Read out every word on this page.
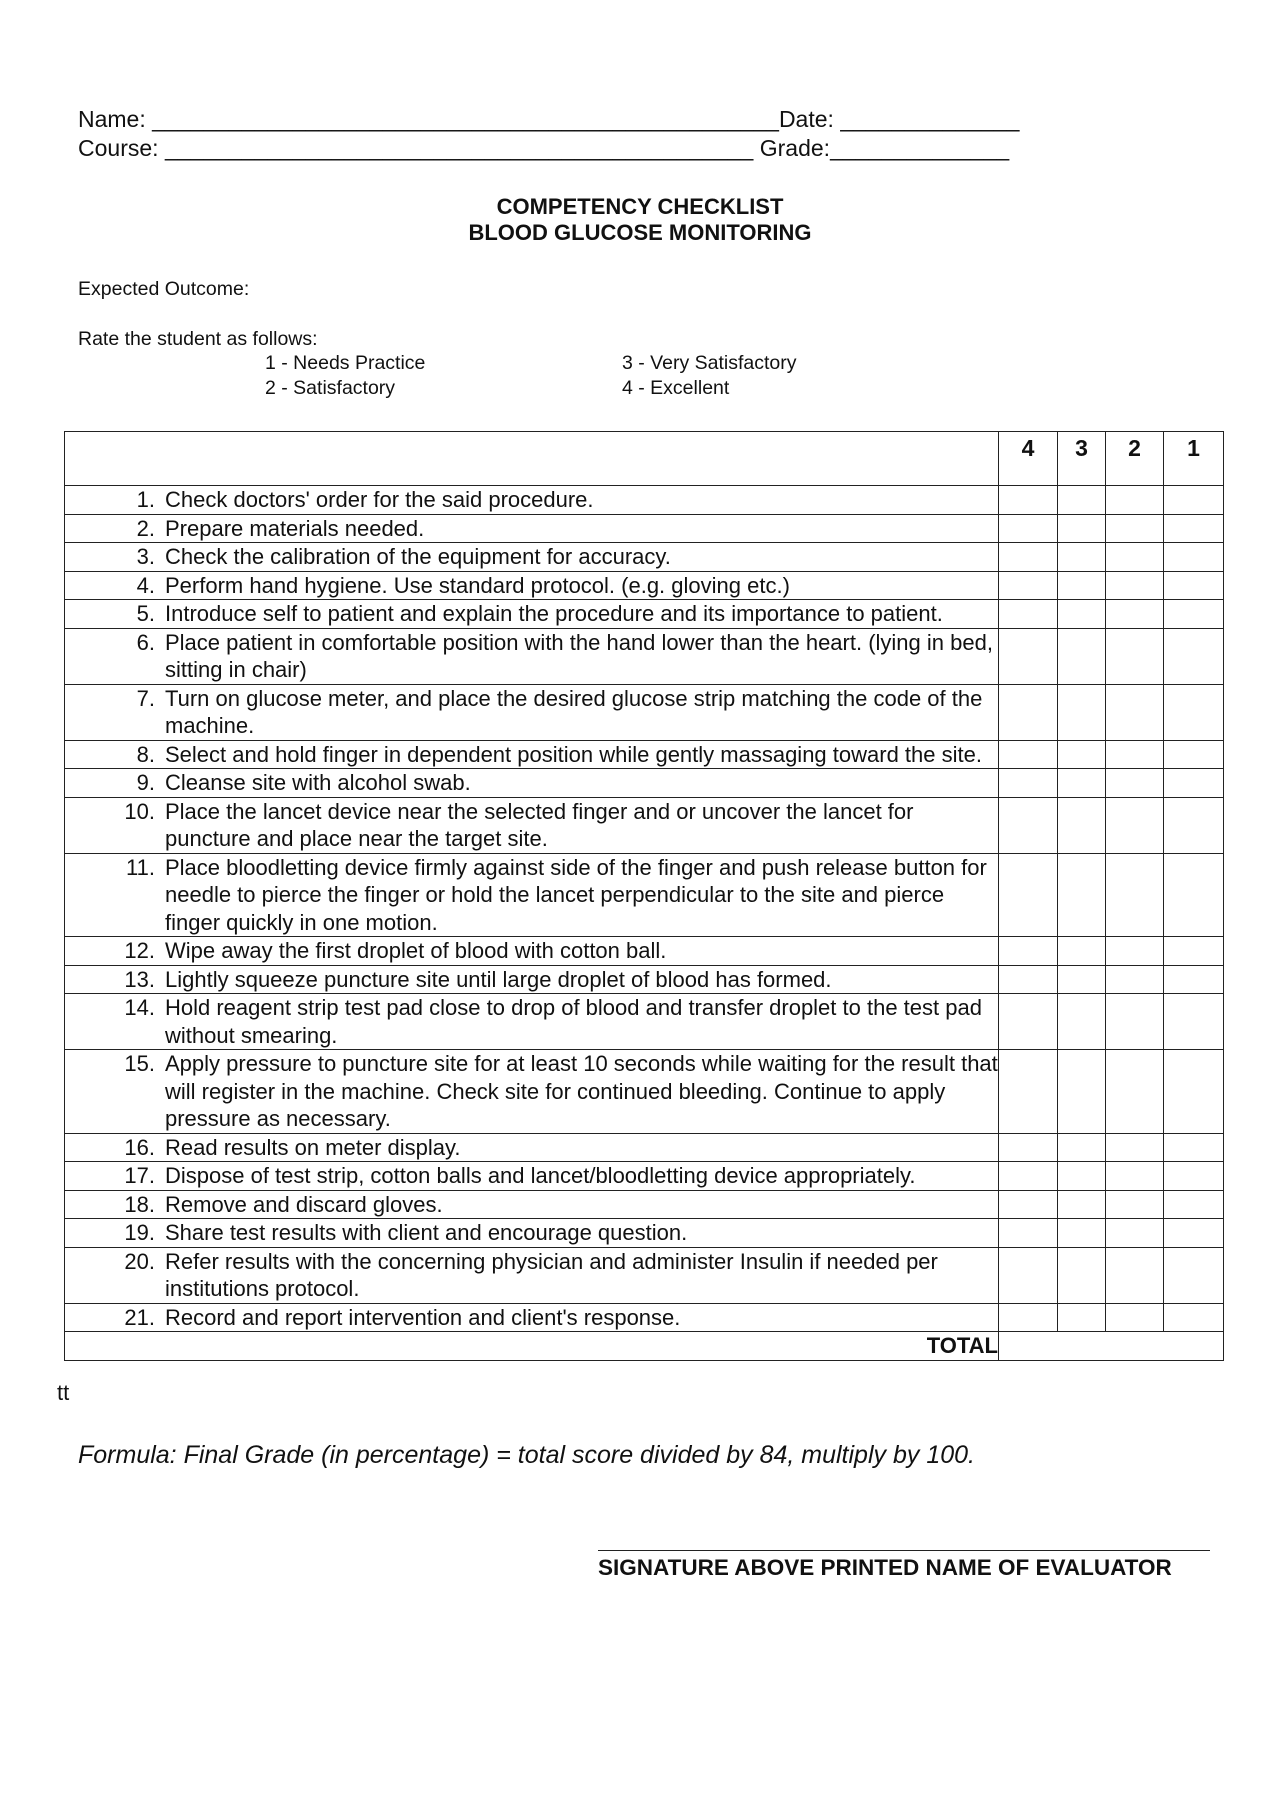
Name: _________________________________________________Date: ______________
Course: ______________________________________________ Grade:______________
COMPETENCY CHECKLIST
BLOOD GLUCOSE MONITORING
Expected Outcome:
Rate the student as follows:
1 - Needs Practice
2 - Satisfactory
3 - Very Satisfactory
4 - Excellent
	4	3	2	1

1. Check doctors' order for the said procedure.				

2. Prepare materials needed.				

3. Check the calibration of the equipment for accuracy.				

4. Perform hand hygiene. Use standard protocol. (e.g. gloving etc.)				

5. Introduce self to patient and explain the procedure and its importance to patient.				

6. Place patient in comfortable position with the hand lower than the heart. (lying in bed, sitting in chair)				

7. Turn on glucose meter, and place the desired glucose strip matching the code of the machine.				

8. Select and hold finger in dependent position while gently massaging toward the site.				

9. Cleanse site with alcohol swab.				

10. Place the lancet device near the selected finger and or uncover the lancet for puncture and place near the target site.				

11. Place bloodletting device firmly against side of the finger and push release button for needle to pierce the finger or hold the lancet perpendicular to the site and pierce finger quickly in one motion.				

12. Wipe away the first droplet of blood with cotton ball.				

13. Lightly squeeze puncture site until large droplet of blood has formed.				

14. Hold reagent strip test pad close to drop of blood and transfer droplet to the test pad without smearing.				

15. Apply pressure to puncture site for at least 10 seconds while waiting for the result that will register in the machine. Check site for continued bleeding. Continue to apply pressure as necessary.				

16. Read results on meter display.				

17. Dispose of test strip, cotton balls and lancet/bloodletting device appropriately.				

18. Remove and discard gloves.				

19. Share test results with client and encourage question.				

20. Refer results with the concerning physician and administer Insulin if needed per institutions protocol.				

21. Record and report intervention and client's response.				

TOTAL				
tt
Formula: Final Grade (in percentage) = total score divided by 84, multiply by 100.
SIGNATURE ABOVE PRINTED NAME OF EVALUATOR
